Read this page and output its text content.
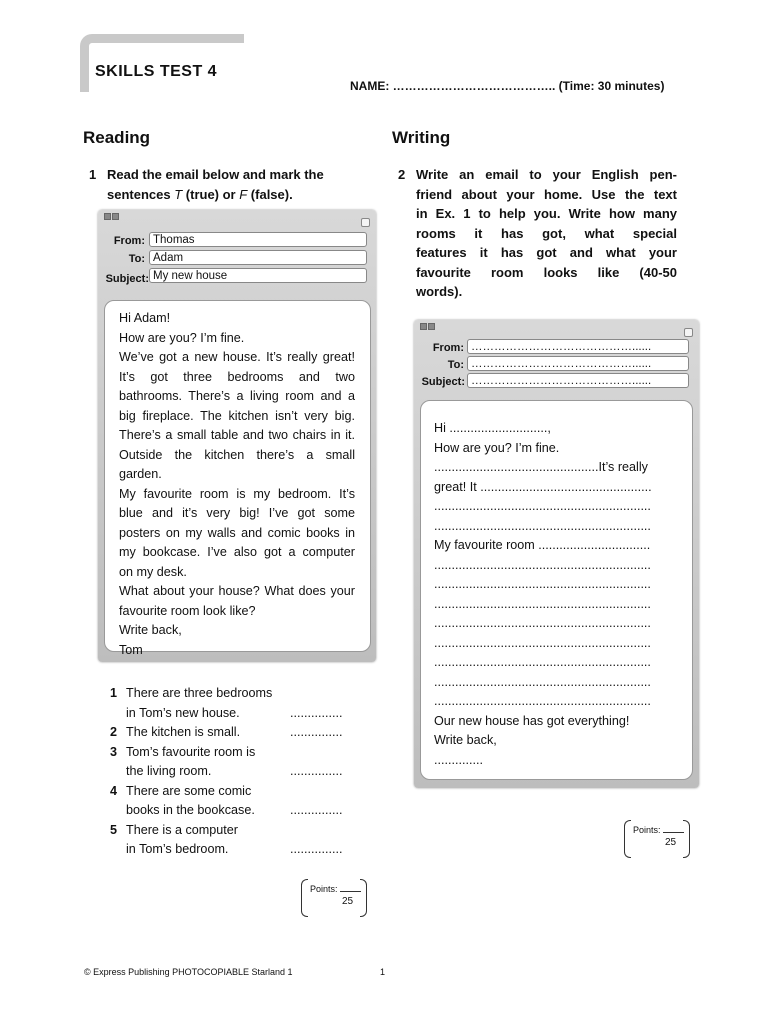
SKILLS TEST 4
NAME: ………………………………….. (Time: 30 minutes)
Reading
1 Read the email below and mark the
sentences T (true) or F (false).
From: Thomas
To: Adam
Subject: My new house
Hi Adam!
How are you? I’m fine.
We’ve got a new house. It’s really great!
It’s got three bedrooms and two
bathrooms. There’s a living room and a
big fireplace. The kitchen isn’t very big.
There’s a small table and two chairs in it.
Outside the kitchen there’s a small garden.
My favourite room is my bedroom. It’s
blue and it’s very big! I’ve got some
posters on my walls and comic books in
my bookcase. I’ve also got a computer
on my desk.
What about your house? What does your
favourite room look like?
Write back,
Tom
1 There are three bedrooms
in Tom’s new house.	...............
2 The kitchen is small.	...............
3 Tom’s favourite room is
the living room.	...............
4 There are some comic
books in the bookcase.	...............
5 There is a computer
in Tom’s bedroom.	...............
Points:
25
Writing
2 Write an email to your English pen-
friend about your home. Use the text
in Ex. 1 to help you. Write how many
rooms it has got, what special
features it has got and what your
favourite room looks like (40-50
words).
From: ……………………………………......
To: ……………………………………......
Subject: ……………………………………......
Hi ............................,
How are you? I’m fine.
...............................................It’s really
great! It .................................................
..............................................................
..............................................................
My favourite room ................................
..............................................................
..............................................................
..............................................................
..............................................................
..............................................................
..............................................................
..............................................................
..............................................................
Our new house has got everything!
Write back,
..............
Points:
25
© Express Publishing PHOTOCOPIABLE Starland 1	1
